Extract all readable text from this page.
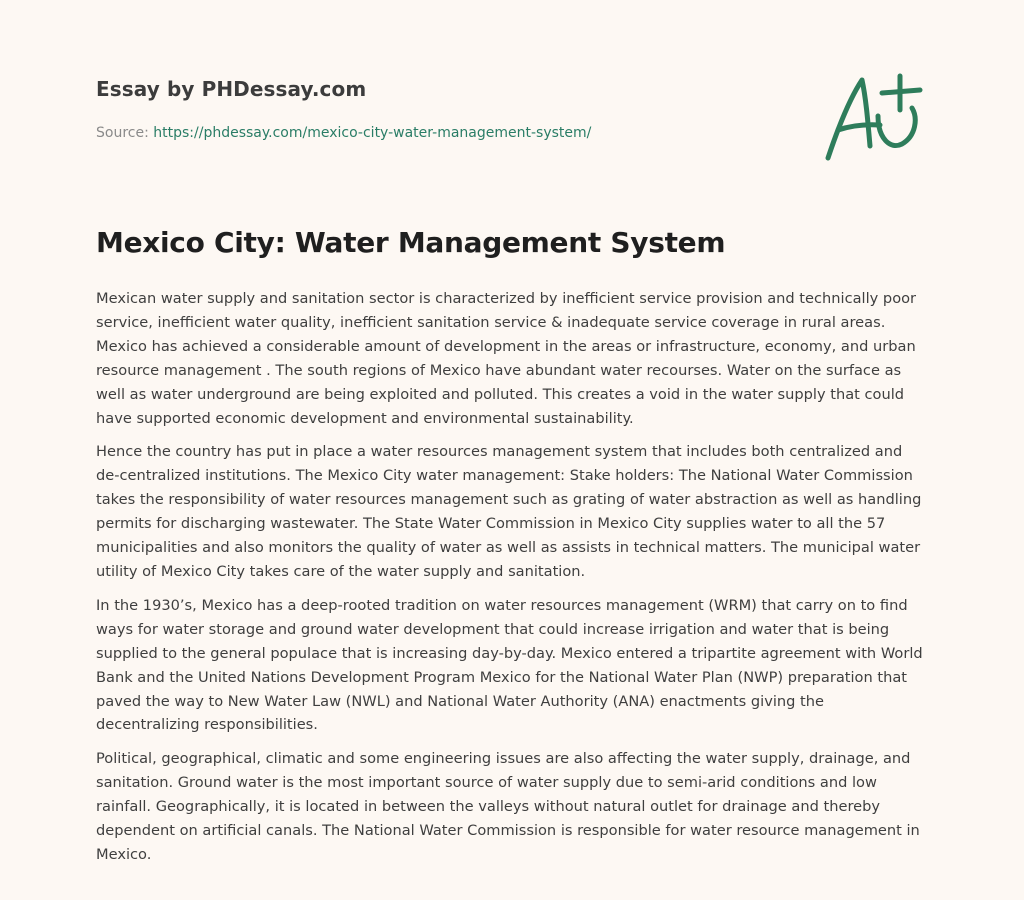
Essay by PHDessay.com
Source: https://phdessay.com/mexico-city-water-management-system/
Mexico City: Water Management System

Mexican water supply and sanitation sector is characterized by inefficient service provision and technically poor service, inefficient water quality, inefficient sanitation service & inadequate service coverage in rural areas. Mexico has achieved a considerable amount of development in the areas or infrastructure, economy, and urban resource management . The south regions of Mexico have abundant water recourses. Water on the surface as well as water underground are being exploited and polluted. This creates a void in the water supply that could have supported economic development and environmental sustainability.

Hence the country has put in place a water resources management system that includes both centralized and de-centralized institutions. The Mexico City water management: Stake holders: The National Water Commission takes the responsibility of water resources management such as grating of water abstraction as well as handling permits for discharging wastewater. The State Water Commission in Mexico City supplies water to all the 57 municipalities and also monitors the quality of water as well as assists in technical matters. The municipal water utility of Mexico City takes care of the water supply and sanitation.

In the 1930’s, Mexico has a deep-rooted tradition on water resources management (WRM) that carry on to find ways for water storage and ground water development that could increase irrigation and water that is being supplied to the general populace that is increasing day-by-day. Mexico entered a tripartite agreement with World Bank and the United Nations Development Program Mexico for the National Water Plan (NWP) preparation that paved the way to New Water Law (NWL) and National Water Authority (ANA) enactments giving the decentralizing responsibilities.

Political, geographical, climatic and some engineering issues are also affecting the water supply, drainage, and sanitation. Ground water is the most important source of water supply due to semi-arid conditions and low rainfall. Geographically, it is located in between the valleys without natural outlet for drainage and thereby dependent on artificial canals. The National Water Commission is responsible for water resource management in Mexico.
